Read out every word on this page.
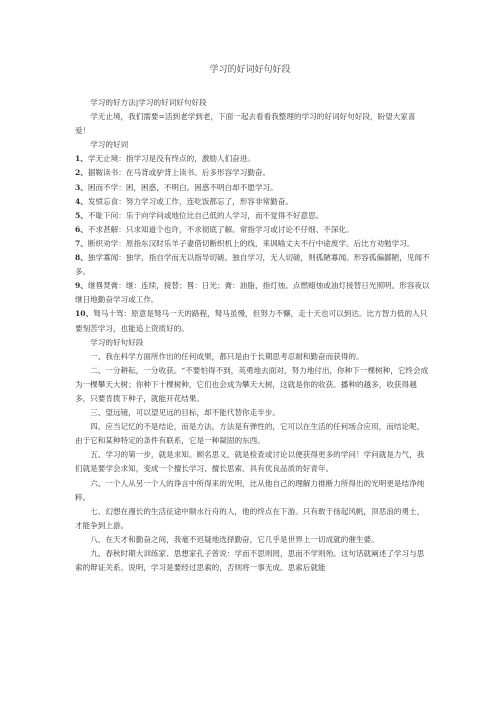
学习的好词好句好段

学习的好方法|学习的好词好句好段

学无止境，我们需要=活到老学到老，下面一起去看看我整理的学习的好词好句好段，盼望大家喜爱！

学习的好词

1、学无止境：指学习是没有终点的，激励人们奋进。

2、据鞍读书：在马背或驴背上读书。后多形容学习勤奋。

3、困而不学：困，困惑，不明白。困惑不明白却不愿学习。

4、发愤忘食：努力学习或工作，连吃饭都忘了，形容非常勤奋。

5、不耻下问：乐于向学问或地位比自己低的人学习，而不觉得不好意思。

6、不求甚解：只求知道个也许，不求彻底了解。常指学习或讨论不仔细、不深化。

7、断织劝学：原指东汉时乐羊子妻借切断织机上的线，来讽喻丈夫不行中途废学。后比方劝勉学习。

8、独学寡闻：独学，指自学而无以指导切磋。独自学习，无人切磋，则孤陋寡闻。形容孤偏鄙陋，见闻不多。

9、继晷焚膏：继：连续，接替；晷：日光；膏：油脂，指灯烛。点燃蜡烛或油灯接替日光照明。形容夜以继日地勤奋学习或工作。

10、驽马十驾：原意是驽马一天的路程，驽马虽慢，但努力不懈，走十天也可以到达。比方智力低的人只要刻苦学习，也能追上资质好的。

学习的好句好段

一、我在科学方面所作出的任何成果，都只是由于长期思考忍耐和勤奋而获得的。

二、一分耕耘，一分收获。“不要怕得不到，英勇地去面对，努力地付出，你种下一棵树种，它终会成为一棵攀天大树；你种下十棵树种，它们也会成为攀天大树，这就是你的收获。播种的越多，收获得越多，只要肯拨下种子，就能开花结果。

三、望远镜，可以望见远的目标，却不能代替你走半步。

四、应当记忆的不是结论，而是方法。方法是有弹性的，它可以在生活的任何场合应用，而结论呢，由于它和某种特定的条件有联系，它是一种凝固的东西。

五、学习的第一步，就是求知。顾名思义，就是检查或讨论以便获得更多的学问！学问就是力气，我们就是要学会求知，变成一个擅长学习、擅长思索、具有优良品质的好青年。

六、一个人从另一个人的诤言中所得来的光明，比从他自己的理解力推断力所得出的光明更是结净纯粹。

七、幻想在漫长的生活征途中顺水行舟的人，他的终点在下游。只有敢于扬起风帆，顶恶浪的勇士，才能争到上游。

八、在天才和勤奋之间，我毫不迟疑地选择勤奋，它几乎是世界上一切成就的催生婆。

九、春秋时期大训练家、思想家孔子曾说：学而不思则罔，思而不学则殆。这句话就阐述了学习与思索的辩证关系。说明，学习是要经过思索的，否则将一事无成。思索后就能
